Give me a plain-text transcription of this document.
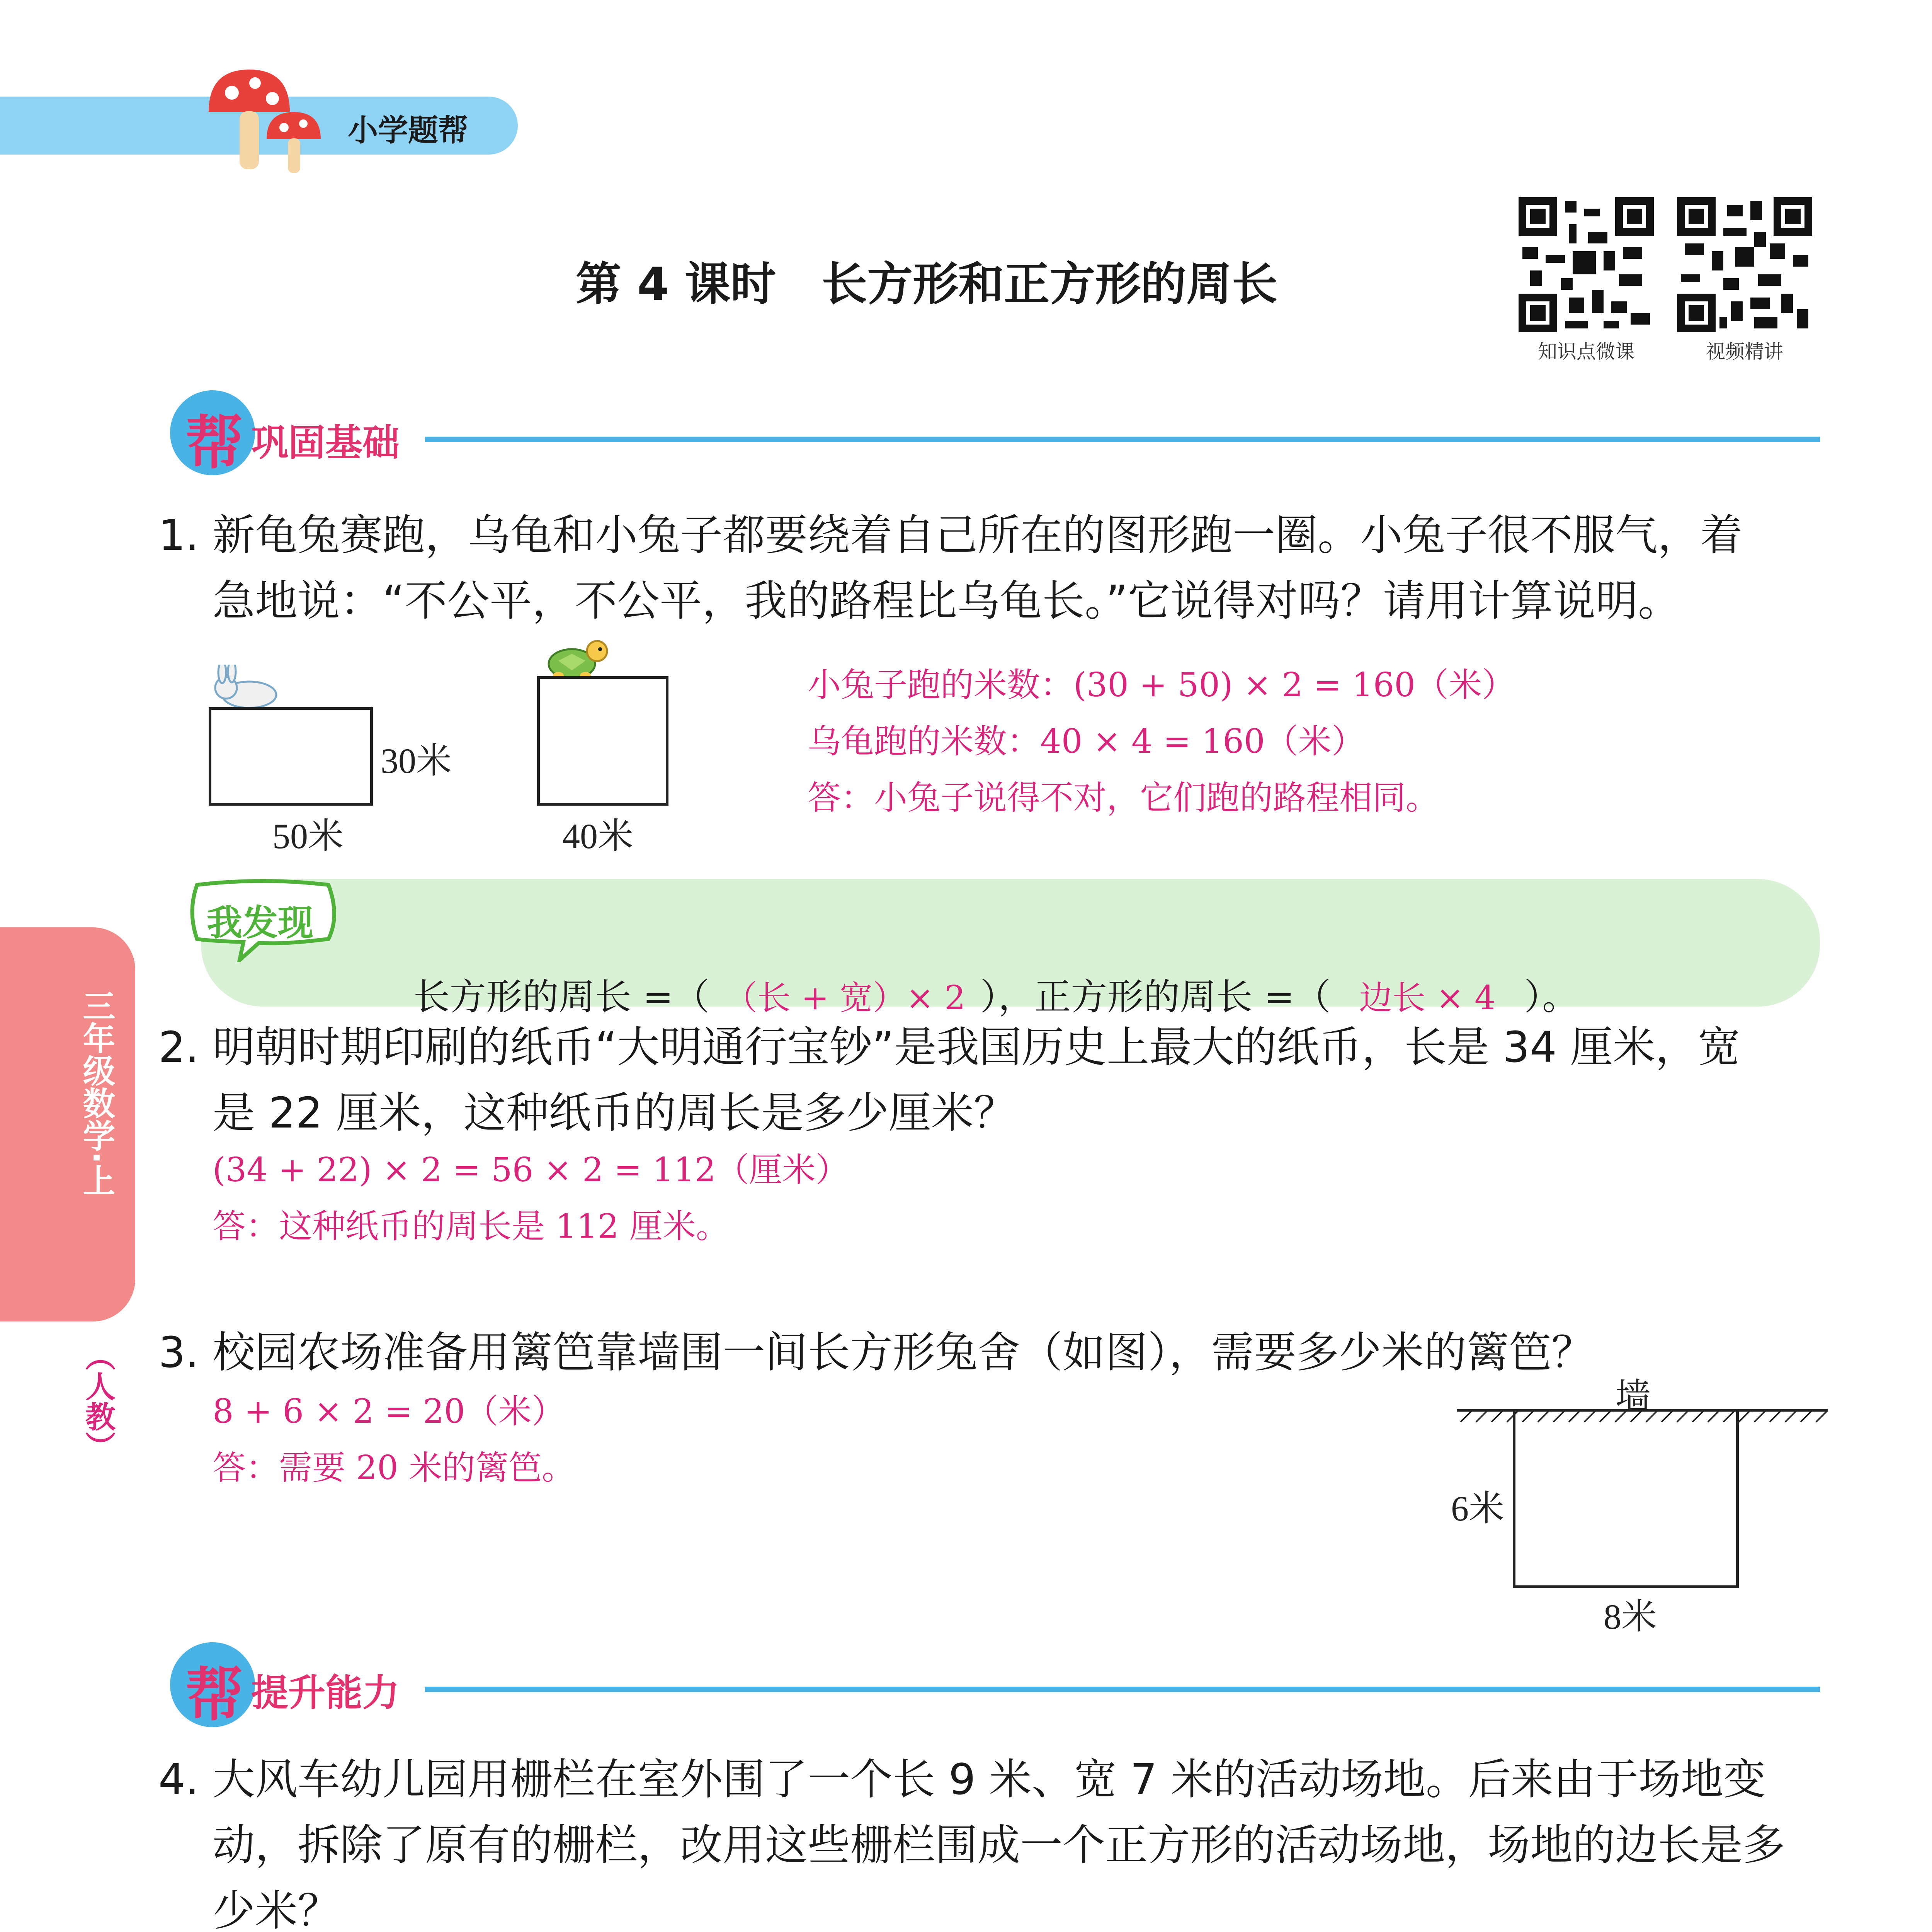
小学题帮
第 4 课时　长方形和正方形的周长
知识点微课	视频精讲
三年级数学·上
（人教）
帮 巩固基础
1. 新龟兔赛跑，乌龟和小兔子都要绕着自己所在的图形跑一圈。小兔子很不服气，着
急地说：“不公平，不公平，我的路程比乌龟长。”它说得对吗？请用计算说明。
30米
50米	40米
小兔子跑的米数：(30 + 50) × 2 = 160（米）
乌龟跑的米数：40 × 4 = 160（米）
答：小兔子说得不对，它们跑的路程相同。
我发现

长方形的周长 =（ （长 + 宽）× 2 ），正方形的周长 =（ 边长 × 4 ）。

2. 明朝时期印刷的纸币“大明通行宝钞”是我国历史上最大的纸币，长是 34 厘米，宽
是 22 厘米，这种纸币的周长是多少厘米？
(34 + 22) × 2 = 56 × 2 = 112（厘米）
答：这种纸币的周长是 112 厘米。
3. 校园农场准备用篱笆靠墙围一间长方形兔舍（如图），需要多少米的篱笆？
8 + 6 × 2 = 20（米）
答：需要 20 米的篱笆。
墙
6米
8米
帮 提升能力
4. 大风车幼儿园用栅栏在室外围了一个长 9 米、宽 7 米的活动场地。后来由于场地变
动，拆除了原有的栅栏，改用这些栅栏围成一个正方形的活动场地，场地的边长是多
少米？
